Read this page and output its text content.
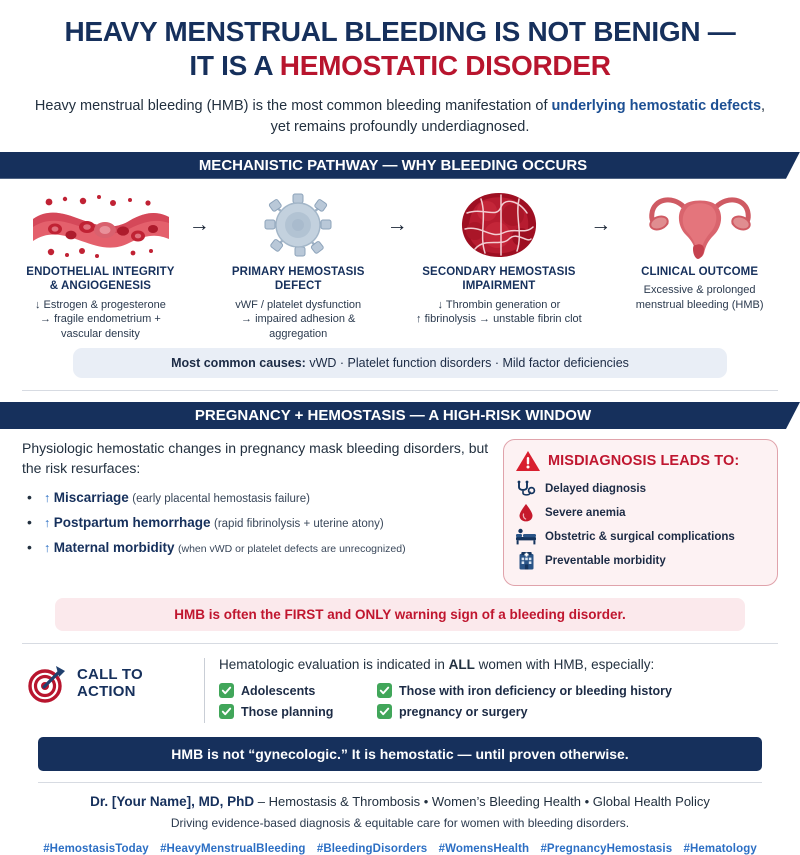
HEAVY MENSTRUAL BLEEDING IS NOT BENIGN —
IT IS A HEMOSTATIC DISORDER
Heavy menstrual bleeding (HMB) is the most common bleeding manifestation of underlying hemostatic defects, yet remains profoundly underdiagnosed.
MECHANISTIC PATHWAY — WHY BLEEDING OCCURS
ENDOTHELIAL INTEGRITY
& ANGIOGENESIS
↓ Estrogen & progesterone
→ fragile endometrium +
vascular density
→
PRIMARY HEMOSTASIS
DEFECT
vWF / platelet dysfunction
→ impaired adhesion &
aggregation
→
SECONDARY HEMOSTASIS
IMPAIRMENT
↓ Thrombin generation or
↑ fibrinolysis → unstable fibrin clot
→
CLINICAL OUTCOME
Excessive & prolonged
menstrual bleeding (HMB)
Most common causes: vWD · Platelet function disorders · Mild factor deficiencies
PREGNANCY + HEMOSTASIS — A HIGH-RISK WINDOW
Physiologic hemostatic changes in pregnancy mask bleeding disorders, but the risk resurfaces:
• ↑ Miscarriage (early placental hemostasis failure)
• ↑ Postpartum hemorrhage (rapid fibrinolysis + uterine atony)
• ↑ Maternal morbidity (when vWD or platelet defects are unrecognized)
MISDIAGNOSIS LEADS TO:
Delayed diagnosis
Severe anemia
Obstetric & surgical complications
Preventable morbidity
HMB is often the FIRST and ONLY warning sign of a bleeding disorder.
CALL TO
ACTION
Hematologic evaluation is indicated in ALL women with HMB, especially:
Adolescents	Those with iron deficiency or bleeding history
Those planning	pregnancy or surgery
HMB is not “gynecologic.” It is hemostatic — until proven otherwise.
Dr. [Your Name], MD, PhD – Hemostasis & Thrombosis • Women’s Bleeding Health • Global Health Policy
Driving evidence-based diagnosis & equitable care for women with bleeding disorders.
#HemostasisToday #HeavyMenstrualBleeding #BleedingDisorders #WomensHealth #PregnancyHemostasis #Hematology
